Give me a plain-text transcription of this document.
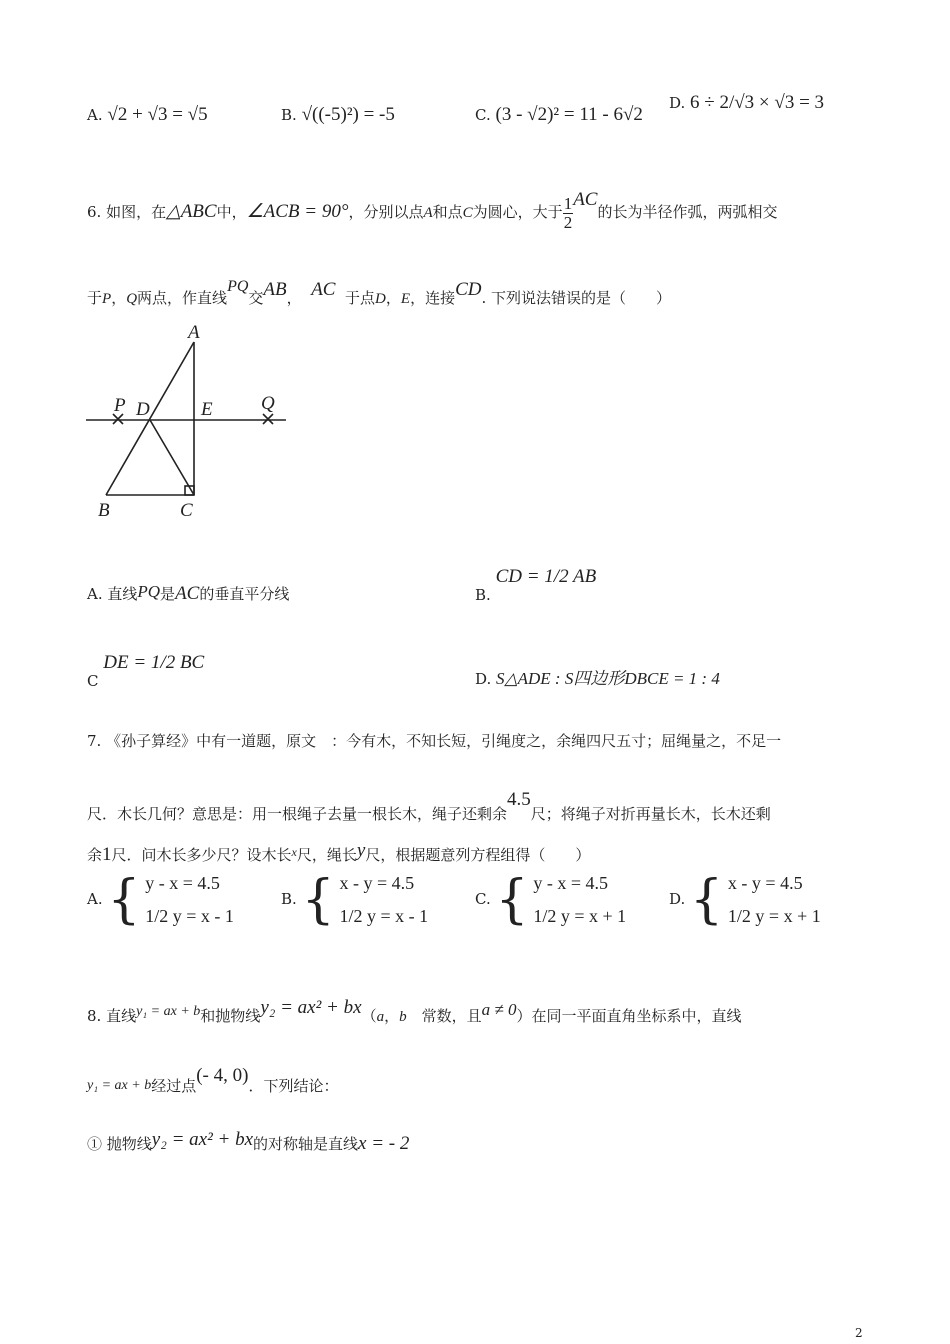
A. √2 + √3 = √5	B. √((-5)²) = -5	C. (3 - √2)² = 11 - 6√2
D. 6 ÷ 2/√3 × √3 = 3
6. 如图，在△ABC中，∠ACB = 90°，分别以点A和点C为圆心，大于 $\frac{1}{2}$ AC的长为半径作弧，两弧相交
于P，Q两点，作直线PQ交AB， AC 于点D，E，连接CD. 下列说法错误的是（　　）
A
P D	E	Q
B	C
A. 直线PQ是AC的垂直平分线	B. CD = 1/2 AB
C DE = 1/2 BC
D. S△ADE : S四边形DBCE = 1 : 4
7. 《孙子算经》中有一道题，原文　：今有木，不知长短，引绳度之，余绳四尺五寸；屈绳量之，不足一
尺．木长几何？意思是：用一根绳子去量一根长木，绳子还剩余4.5尺；将绳子对折再量长木，长木还剩
余1尺．问木长多少尺？设木长$^x$尺，绳长y尺，根据题意列方程组得（　　）
A. { y - x = 4.5
1/2 y = x - 1
B. { x - y = 4.5
1/2 y = x - 1
C. { y - x = 4.5
1/2 y = x + 1
D. { x - y = 4.5
1/2 y = x + 1
8. 直线y₁ = ax + b和抛物线y₂ = ax² + bx（a，b　常数，且a ≠ 0）在同一平面直角坐标系中，直线
y₁ = ax + b经过点(- 4, 0)．下列结论：
① 抛物线y₂ = ax² + bx的对称轴是直线x = - 2
2
